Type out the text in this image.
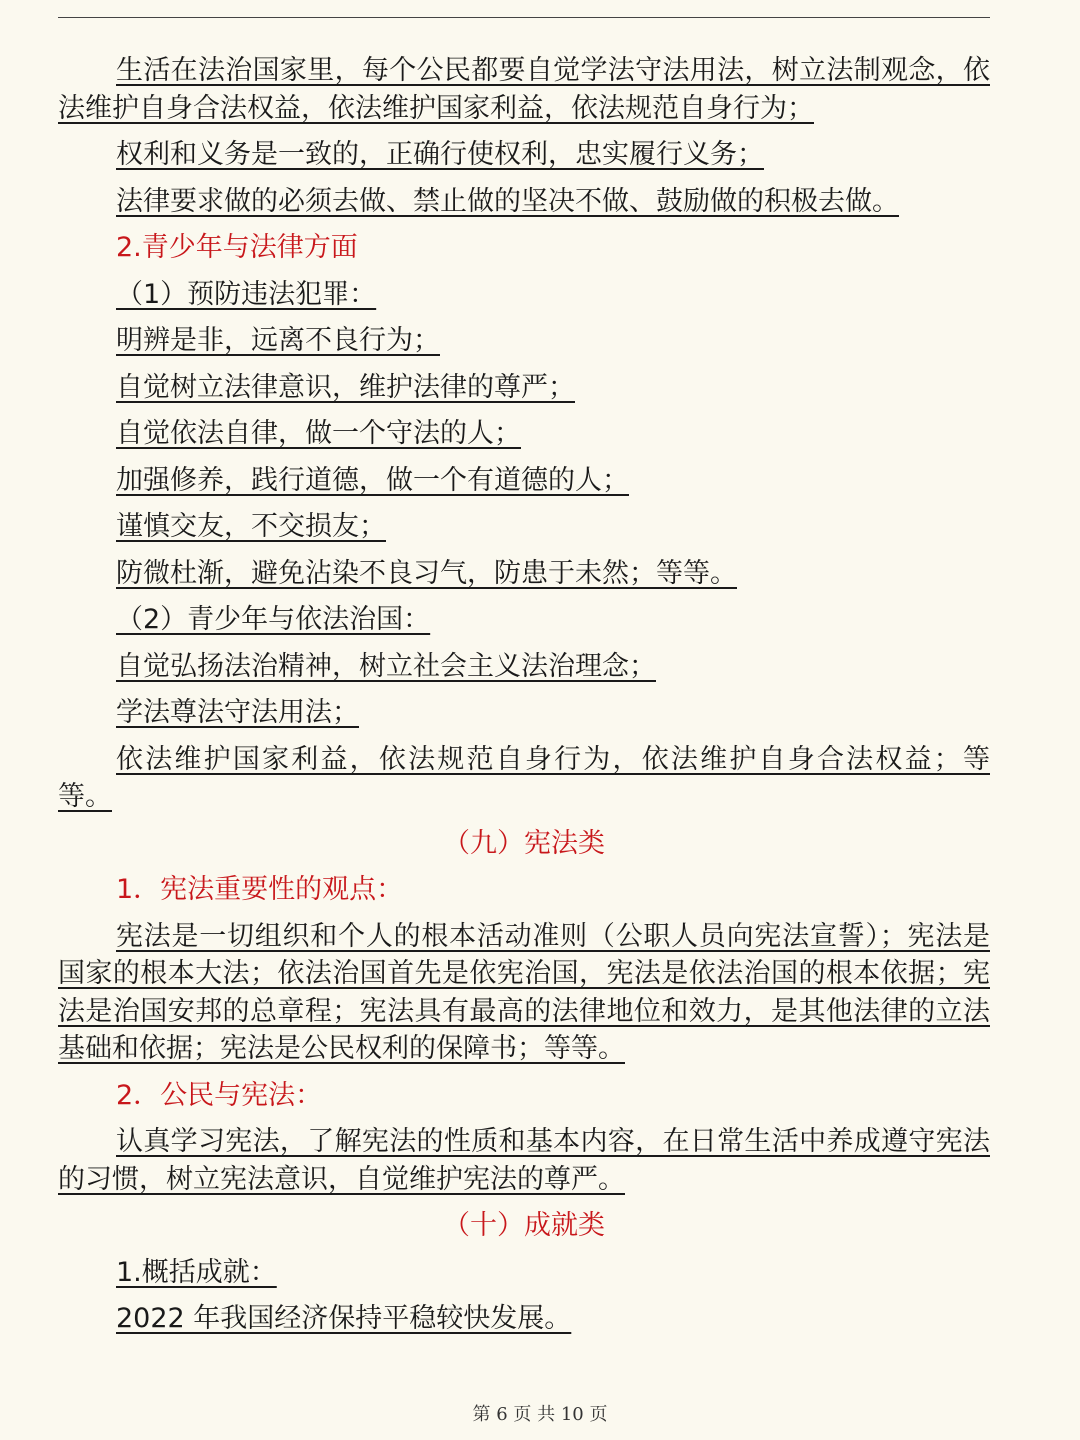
生活在法治国家里，每个公民都要自觉学法守法用法，树立法制观念，依法维护自身合法权益，依法维护国家利益，依法规范自身行为；

权利和义务是一致的，正确行使权利，忠实履行义务；

法律要求做的必须去做、禁止做的坚决不做、鼓励做的积极去做。

2.青少年与法律方面

（1）预防违法犯罪：

明辨是非，远离不良行为；

自觉树立法律意识，维护法律的尊严；

自觉依法自律，做一个守法的人；

加强修养，践行道德，做一个有道德的人；

谨慎交友，不交损友；

防微杜渐，避免沾染不良习气，防患于未然；等等。

（2）青少年与依法治国：

自觉弘扬法治精神，树立社会主义法治理念；

学法尊法守法用法；

依法维护国家利益，依法规范自身行为，依法维护自身合法权益；等等。

（九）宪法类

1．宪法重要性的观点：

宪法是一切组织和个人的根本活动准则（公职人员向宪法宣誓）；宪法是国家的根本大法；依法治国首先是依宪治国，宪法是依法治国的根本依据；宪法是治国安邦的总章程；宪法具有最高的法律地位和效力，是其他法律的立法基础和依据；宪法是公民权利的保障书；等等。

2．公民与宪法：

认真学习宪法，了解宪法的性质和基本内容，在日常生活中养成遵守宪法的习惯，树立宪法意识，自觉维护宪法的尊严。

（十）成就类

1.概括成就：

2022 年我国经济保持平稳较快发展。

第 6 页 共 10 页
